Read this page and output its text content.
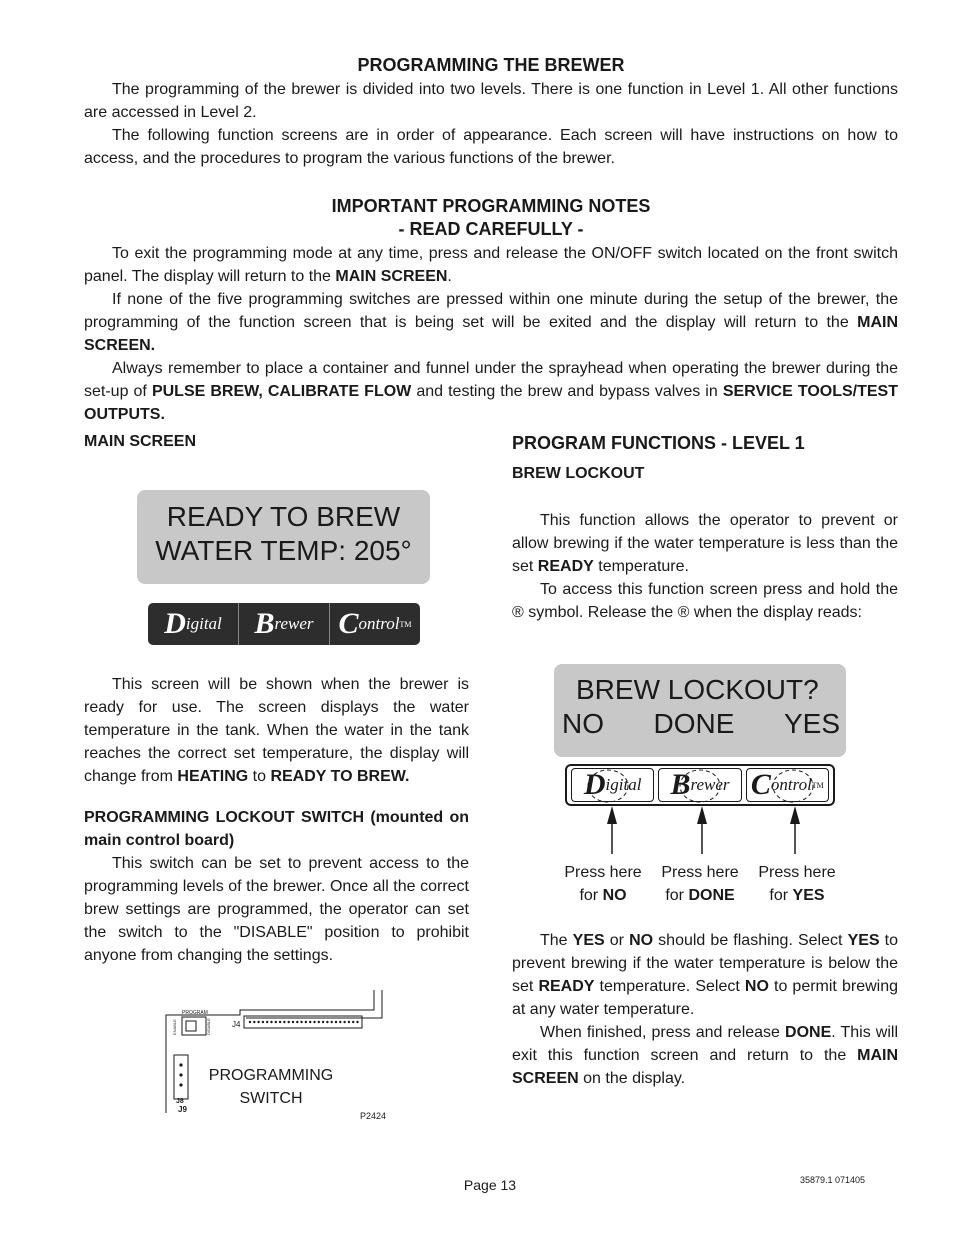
PROGRAMMING THE BREWER

The programming of the brewer is divided into two levels. There is one function in Level 1. All other functions are accessed in Level 2.

The following function screens are in order of appearance. Each screen will have instructions on how to access, and the procedures to program the various functions of the brewer.

IMPORTANT PROGRAMMING NOTES
- READ CAREFULLY -

To exit the programming mode at any time, press and release the ON/OFF switch located on the front switch panel. The display will return to the MAIN SCREEN.

If none of the five programming switches are pressed within one minute during the setup of the brewer, the programming of the function screen that is being set will be exited and the display will return to the MAIN SCREEN.

Always remember to place a container and funnel under the sprayhead when operating the brewer during the set-up of PULSE BREW, CALIBRATE FLOW and testing the brew and bypass valves in SERVICE TOOLS/TEST OUTPUTS.

MAIN SCREEN
READY TO BREW
WATER TEMP: 205°
D igital B rewer C ontrol TM

This screen will be shown when the brewer is ready for use. The screen displays the water temperature in the tank. When the water in the tank reaches the correct set temperature, the display will change from HEATING to READY TO BREW.

PROGRAMMING LOCKOUT SWITCH (mounted on main control board)

This switch can be set to prevent access to the programming levels of the brewer. Once all the correct brew settings are programmed, the operator can set the switch to the "DISABLE" position to prohibit anyone from changing the settings.

PROGRAM
ENABLE	DISABLE	J4
J8
J9
PROGRAMMING
SWITCH
P2424
PROGRAM FUNCTIONS - LEVEL 1
BREW LOCKOUT

This function allows the operator to prevent or allow brewing if the water temperature is less than the set READY temperature.

To access this function screen press and hold the ® symbol. Release the ® when the display reads:

BREW LOCKOUT?
NO DONE YES
D igital B rewer C ontrol TM
Press here
for NO
Press here
for DONE
Press here
for YES

The YES or NO should be flashing. Select YES to prevent brewing if the water temperature is below the set READY temperature. Select NO to permit brewing at any water temperature.

When finished, press and release DONE. This will exit this function screen and return to the MAIN SCREEN on the display.

Page 13	35879.1 071405
